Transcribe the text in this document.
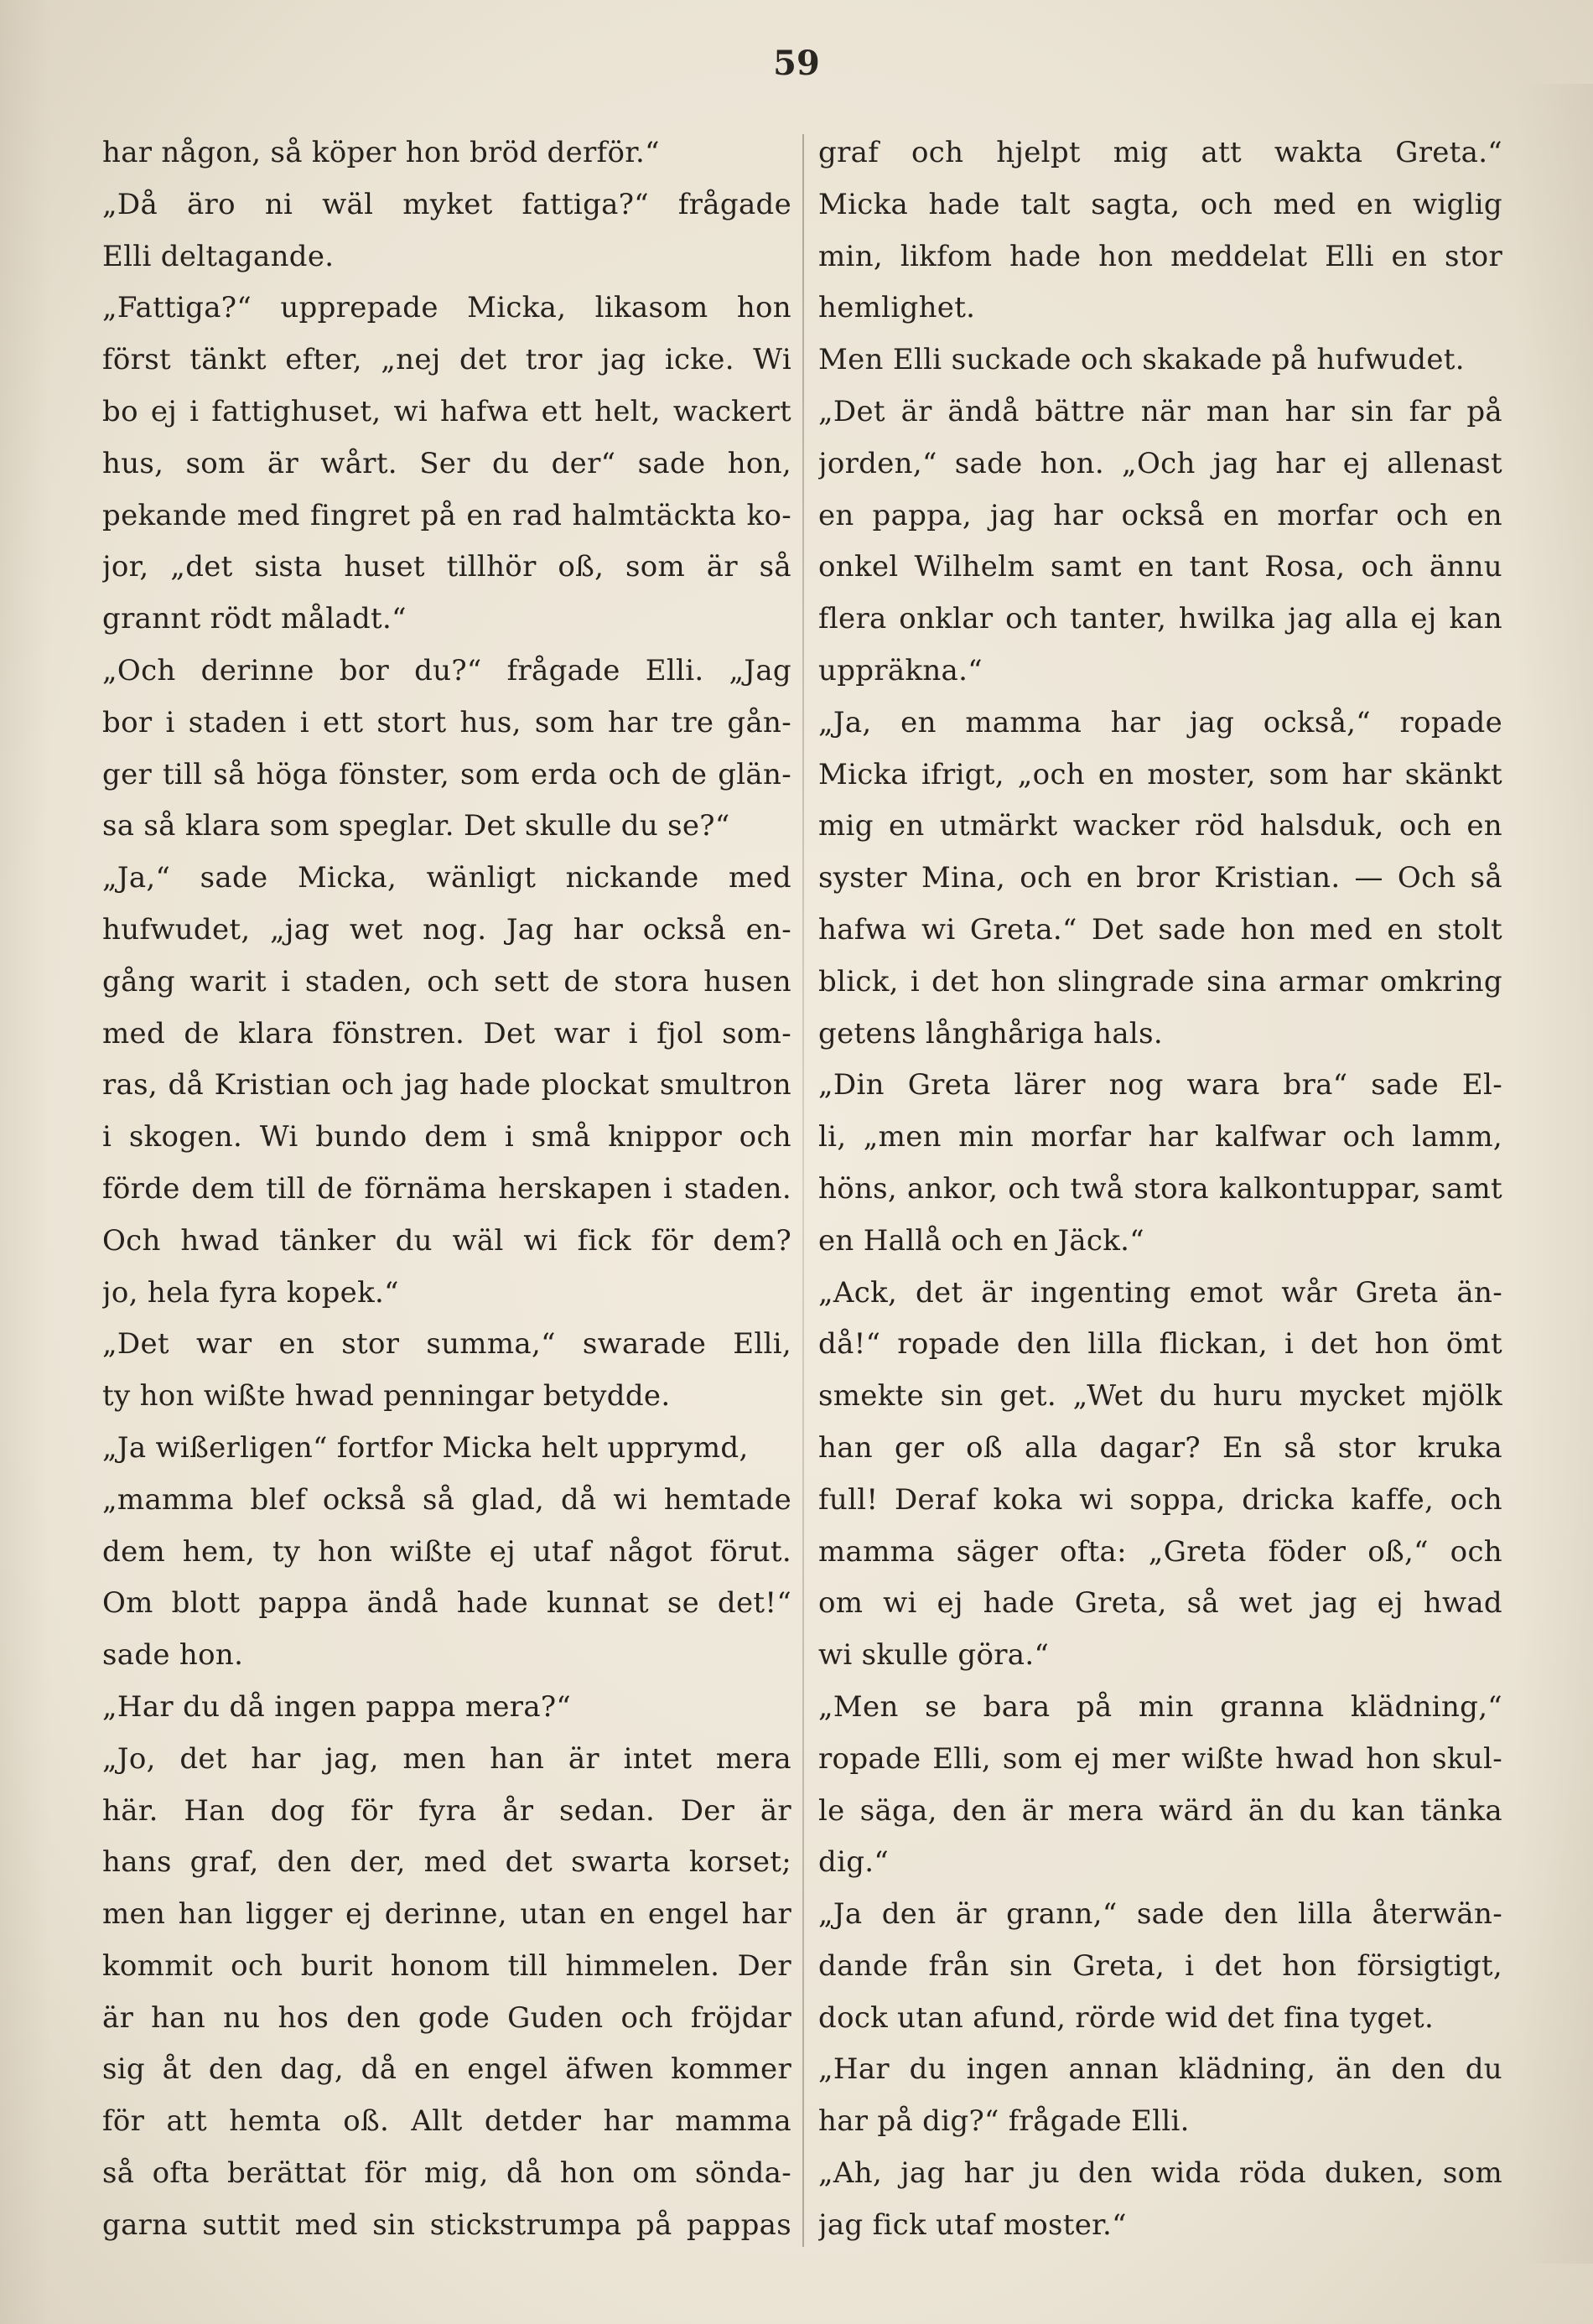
59
har någon, så köper hon bröd derför.“
„Då äro ni wäl myket fattiga?“ frågade
Elli deltagande.
„Fattiga?“ upprepade Micka, likasom hon
först tänkt efter, „nej det tror jag icke. Wi
bo ej i fattighuset, wi hafwa ett helt, wackert
hus, som är wårt. Ser du der“ sade hon,
pekande med fingret på en rad halmtäckta ko-
jor, „det sista huset tillhör oß, som är så
grannt rödt måladt.“
„Och derinne bor du?“ frågade Elli. „Jag
bor i staden i ett stort hus, som har tre gån-
ger till så höga fönster, som erda och de glän-
sa så klara som speglar. Det skulle du se?“
„Ja,“ sade Micka, wänligt nickande med
hufwudet, „jag wet nog. Jag har också en-
gång warit i staden, och sett de stora husen
med de klara fönstren. Det war i fjol som-
ras, då Kristian och jag hade plockat smultron
i skogen. Wi bundo dem i små knippor och
förde dem till de förnäma herskapen i staden.
Och hwad tänker du wäl wi fick för dem?
jo, hela fyra kopek.“
„Det war en stor summa,“ swarade Elli,
ty hon wißte hwad penningar betydde.
„Ja wißerligen“ fortfor Micka helt upprymd,
„mamma blef också så glad, då wi hemtade
dem hem, ty hon wißte ej utaf något förut.
Om blott pappa ändå hade kunnat se det!“
sade hon.
„Har du då ingen pappa mera?“
„Jo, det har jag, men han är intet mera
här. Han dog för fyra år sedan. Der är
hans graf, den der, med det swarta korset;
men han ligger ej derinne, utan en engel har
kommit och burit honom till himmelen. Der
är han nu hos den gode Guden och fröjdar
sig åt den dag, då en engel äfwen kommer
för att hemta oß. Allt detder har mamma
så ofta berättat för mig, då hon om sönda-
garna suttit med sin stickstrumpa på pappas
graf och hjelpt mig att wakta Greta.“
Micka hade talt sagta, och med en wiglig
min, likfom hade hon meddelat Elli en stor
hemlighet.
Men Elli suckade och skakade på hufwudet.
„Det är ändå bättre när man har sin far på
jorden,“ sade hon. „Och jag har ej allenast
en pappa, jag har också en morfar och en
onkel Wilhelm samt en tant Rosa, och ännu
flera onklar och tanter, hwilka jag alla ej kan
uppräkna.“
„Ja, en mamma har jag också,“ ropade
Micka ifrigt, „och en moster, som har skänkt
mig en utmärkt wacker röd halsduk, och en
syster Mina, och en bror Kristian. — Och så
hafwa wi Greta.“ Det sade hon med en stolt
blick, i det hon slingrade sina armar omkring
getens långhåriga hals.
„Din Greta lärer nog wara bra“ sade El-
li, „men min morfar har kalfwar och lamm,
höns, ankor, och twå stora kalkontuppar, samt
en Hallå och en Jäck.“
„Ack, det är ingenting emot wår Greta än-
då!“ ropade den lilla flickan, i det hon ömt
smekte sin get. „Wet du huru mycket mjölk
han ger oß alla dagar? En så stor kruka
full! Deraf koka wi soppa, dricka kaffe, och
mamma säger ofta: „Greta föder oß,“ och
om wi ej hade Greta, så wet jag ej hwad
wi skulle göra.“
„Men se bara på min granna klädning,“
ropade Elli, som ej mer wißte hwad hon skul-
le säga, den är mera wärd än du kan tänka
dig.“
„Ja den är grann,“ sade den lilla återwän-
dande från sin Greta, i det hon försigtigt,
dock utan afund, rörde wid det fina tyget.
„Har du ingen annan klädning, än den du
har på dig?“ frågade Elli.
„Ah, jag har ju den wida röda duken, som
jag fick utaf moster.“
